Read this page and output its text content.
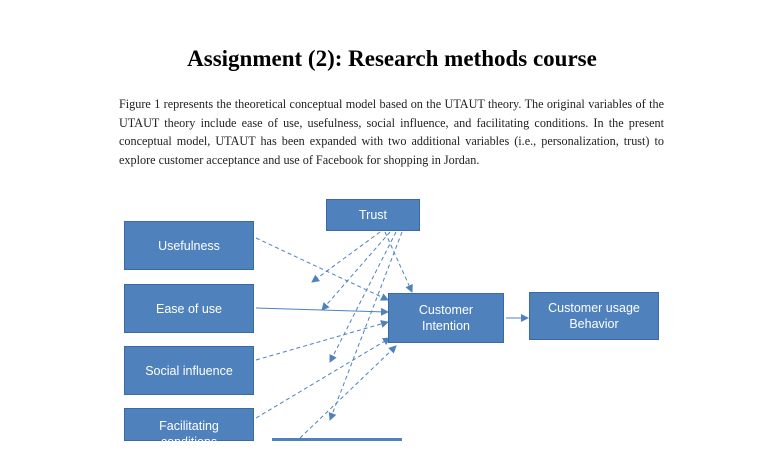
Assignment (2): Research methods course
Figure 1 represents the theoretical conceptual model based on the UTAUT theory. The original variables of the UTAUT theory include ease of use, usefulness, social influence, and facilitating conditions. In the present conceptual model, UTAUT has been expanded with two additional variables (i.e., personalization, trust) to explore customer acceptance and use of Facebook for shopping in Jordan.
Trust
Usefulness
Ease of use
Social influence
Facilitating conditions
Customer Intention
Customer usage Behavior
